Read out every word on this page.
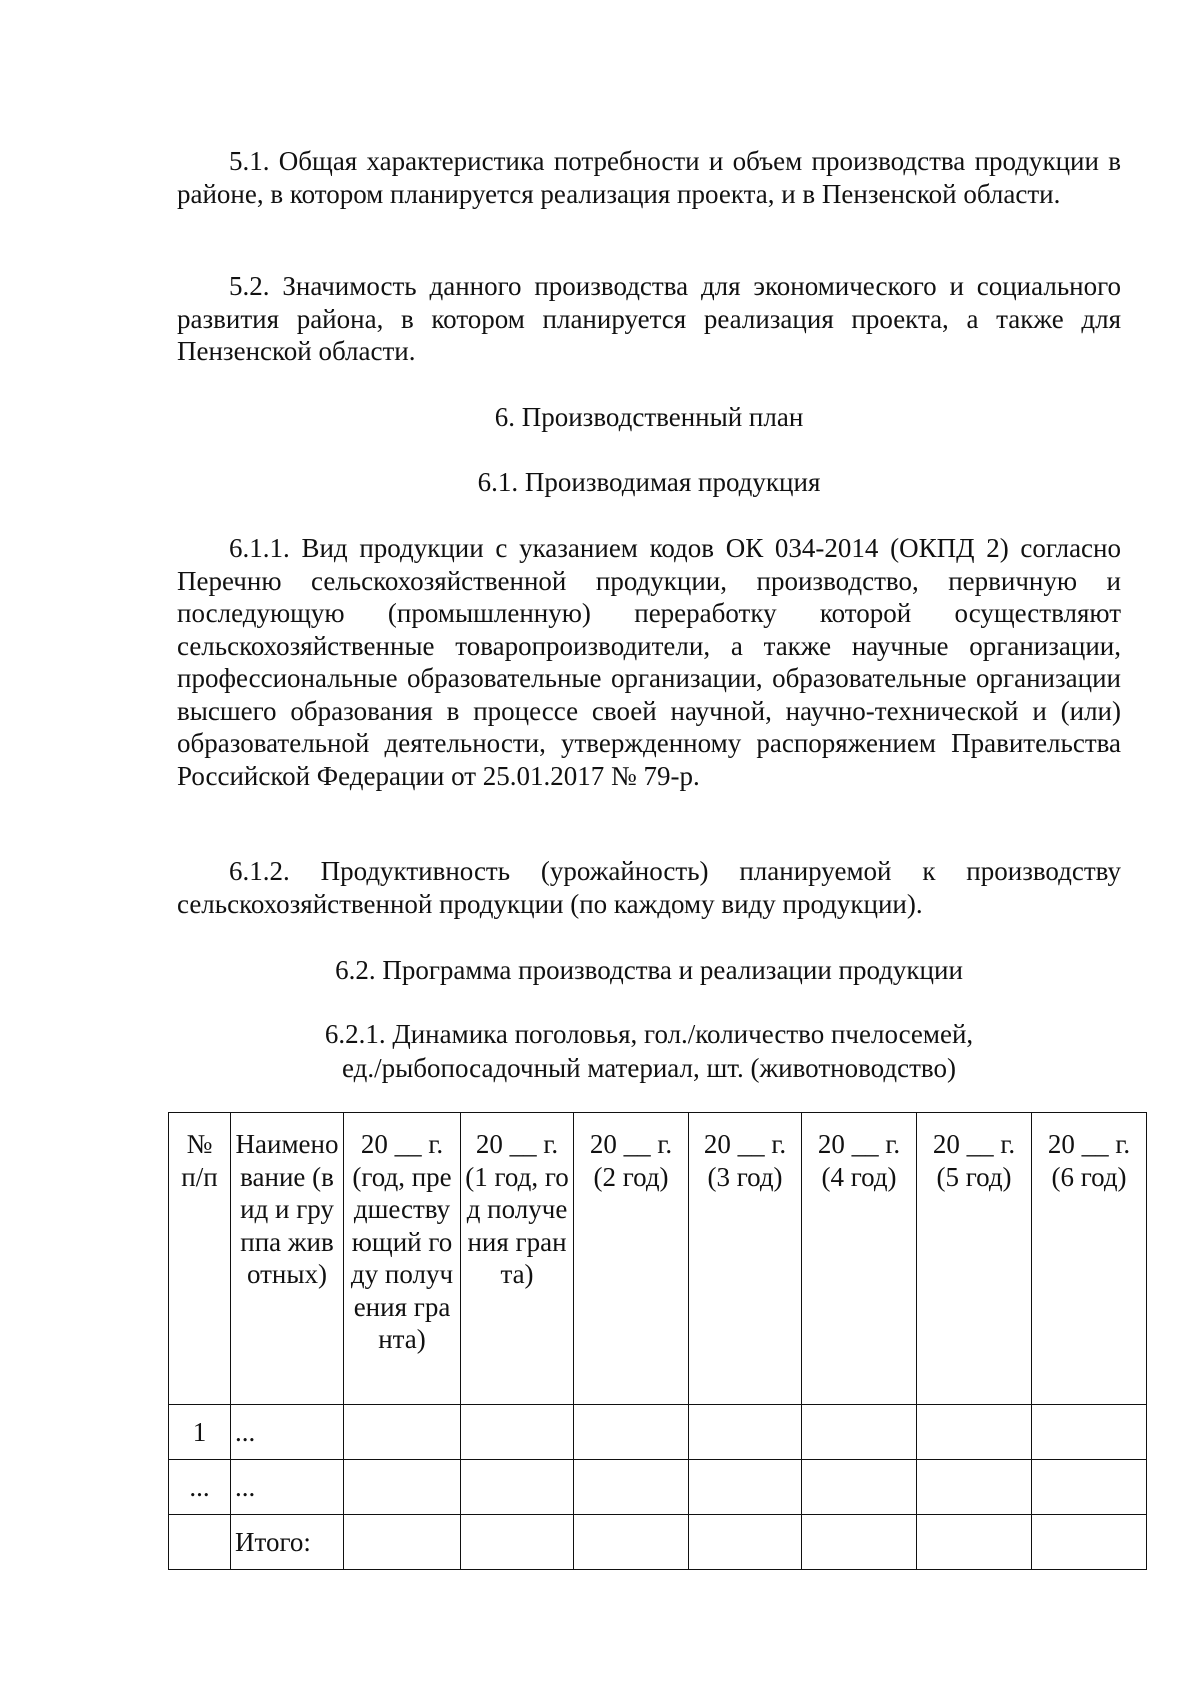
5.1. Общая характеристика потребности и объем производства продукции в районе, в котором планируется реализация проекта, и в Пензенской области.

5.2. Значимость данного производства для экономического и социального развития района, в котором планируется реализация проекта, а также для Пензенской области.

6. Производственный план

6.1. Производимая продукция

6.1.1. Вид продукции с указанием кодов ОК 034-2014 (ОКПД 2) согласно Перечню сельскохозяйственной продукции, производство, первичную и последующую (промышленную) переработку которой осуществляют сельскохозяйственные товаропроизводители, а также научные организации, профессиональные образовательные организации, образовательные организации высшего образования в процессе своей научной, научно-технической и (или) образовательной деятельности, утвержденному распоряжением Правительства Российской Федерации от 25.01.2017 № 79-р.

6.1.2. Продуктивность (урожайность) планируемой к производству сельскохозяйственной продукции (по каждому виду продукции).

6.2. Программа производства и реализации продукции

6.2.1. Динамика поголовья, гол./количество пчелосемей,

ед./рыбопосадочный материал, шт. (животноводство)

№ п/п	Наименование (вид и группа животных)	20 __ г. (год, предшествующий году получения гранта)	20 __ г. (1 год, год получения гранта)	20 __ г. (2 год)	20 __ г. (3 год)	20 __ г. (4 год)	20 __ г. (5 год)	20 __ г. (6 год)
1	...							
...	...							
	Итого:							
